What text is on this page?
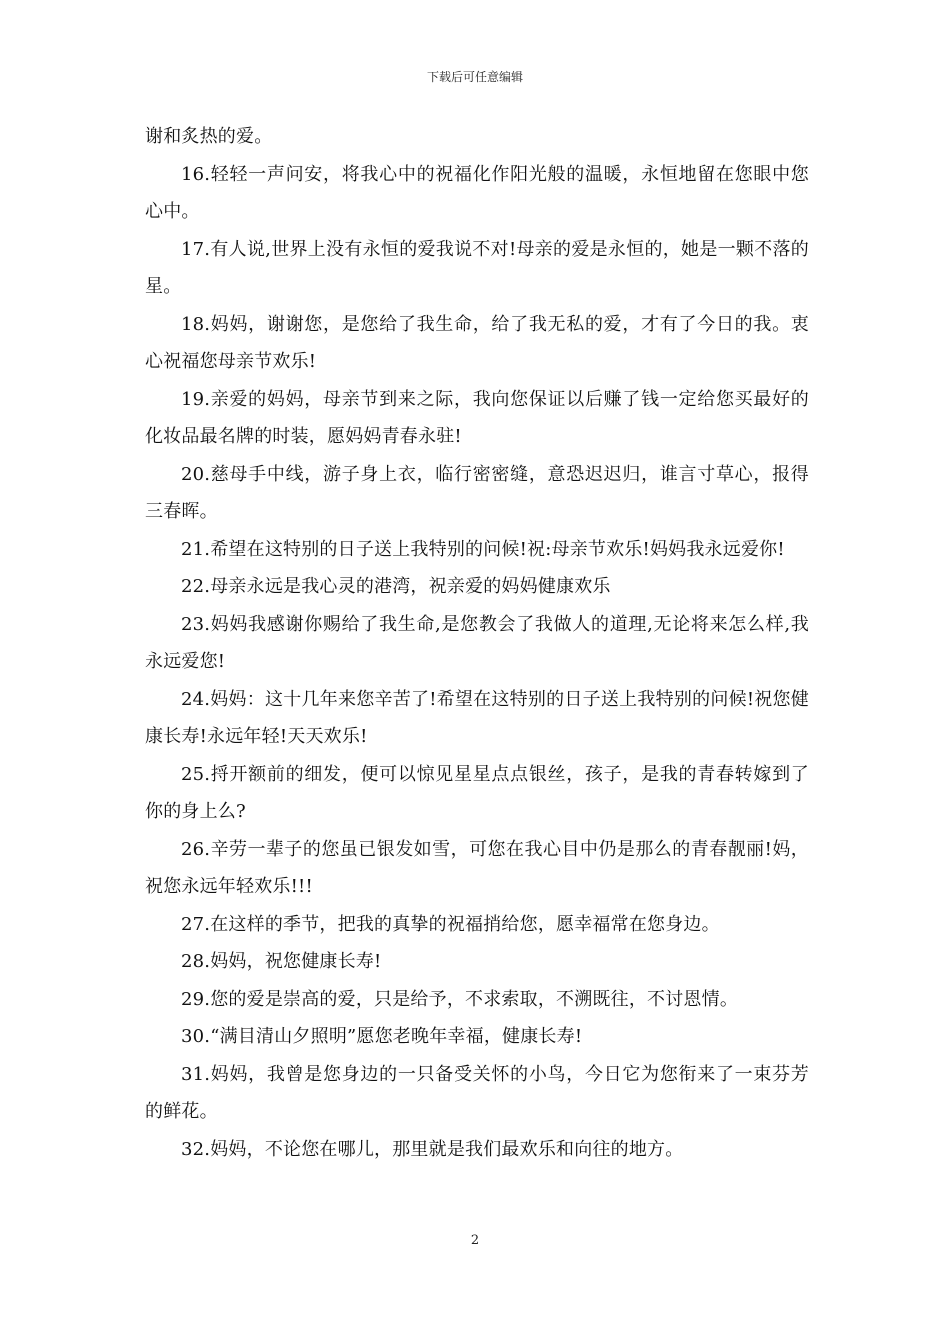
下载后可任意编辑

谢和炙热的爱。

16.轻轻一声问安，将我心中的祝福化作阳光般的温暖，永恒地留在您眼中您心中。

17.有人说,世界上没有永恒的爱我说不对!母亲的爱是永恒的，她是一颗不落的星。

18.妈妈，谢谢您，是您给了我生命，给了我无私的爱，才有了今日的我。衷心祝福您母亲节欢乐!

19.亲爱的妈妈，母亲节到来之际，我向您保证以后赚了钱一定给您买最好的化妆品最名牌的时装，愿妈妈青春永驻!

20.慈母手中线，游子身上衣，临行密密缝，意恐迟迟归，谁言寸草心，报得三春晖。

21.希望在这特别的日子送上我特别的问候!祝:母亲节欢乐!妈妈我永远爱你!

22.母亲永远是我心灵的港湾，祝亲爱的妈妈健康欢乐

23.妈妈我感谢你赐给了我生命,是您教会了我做人的道理,无论将来怎么样,我永远爱您!

24.妈妈：这十几年来您辛苦了!希望在这特别的日子送上我特别的问候!祝您健康长寿!永远年轻!天天欢乐!

25.捋开额前的细发，便可以惊见星星点点银丝，孩子，是我的青春转嫁到了你的身上么?

26.辛劳一辈子的您虽已银发如雪，可您在我心目中仍是那么的青春靓丽!妈，祝您永远年轻欢乐!!!

27.在这样的季节，把我的真挚的祝福捎给您，愿幸福常在您身边。

28.妈妈，祝您健康长寿!

29.您的爱是崇高的爱，只是给予，不求索取，不溯既往，不讨恩情。

30.“满目清山夕照明”愿您老晚年幸福，健康长寿!

31.妈妈，我曾是您身边的一只备受关怀的小鸟，今日它为您衔来了一束芬芳的鲜花。

32.妈妈，不论您在哪儿，那里就是我们最欢乐和向往的地方。

2
